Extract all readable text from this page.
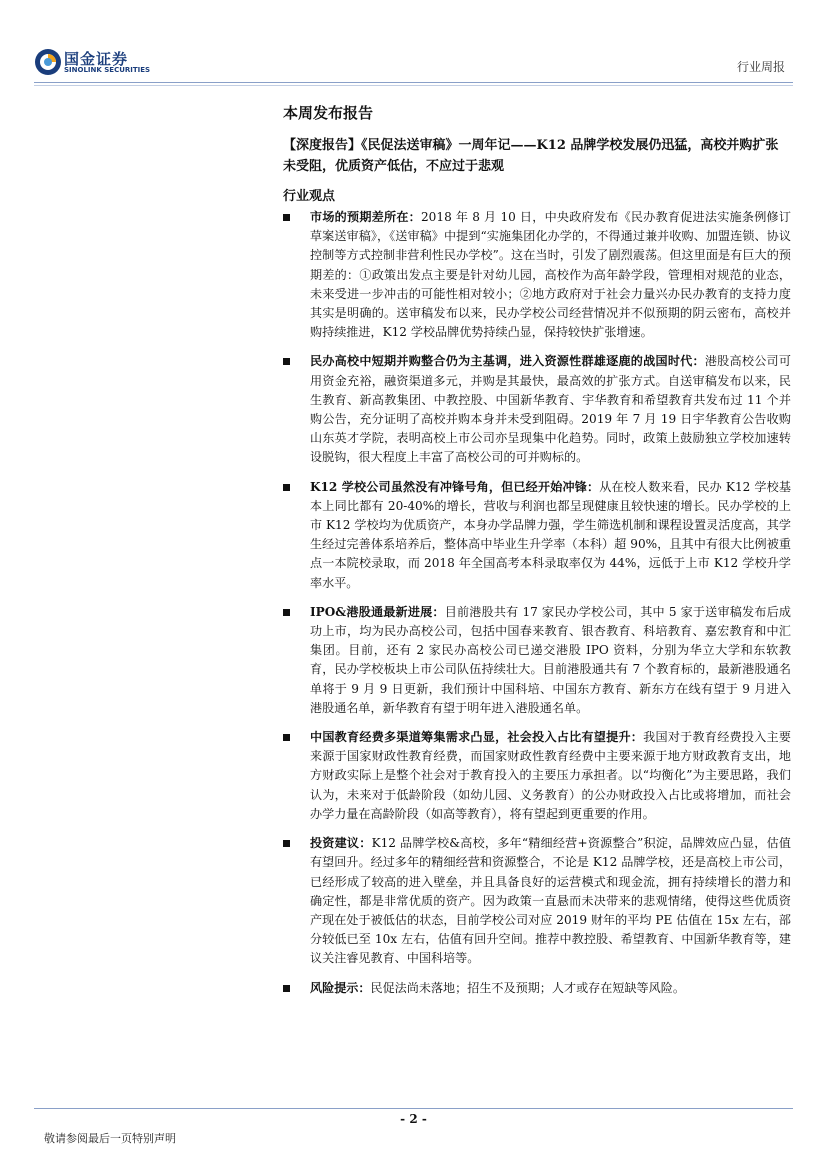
国金证券
SINOLINK SECURITIES	行业周报
本周发布报告
【深度报告】《民促法送审稿》一周年记——K12 品牌学校发展仍迅猛，高校并购扩张未受阻，优质资产低估，不应过于悲观
行业观点
市场的预期差所在：2018 年 8 月 10 日，中央政府发布《民办教育促进法实施条例修订草案送审稿》，《送审稿》中提到“实施集团化办学的，不得通过兼并收购、加盟连锁、协议控制等方式控制非营利性民办学校”。这在当时，引发了剧烈震荡。但这里面是有巨大的预期差的：①政策出发点主要是针对幼儿园，高校作为高年龄学段，管理相对规范的业态，未来受进一步冲击的可能性相对较小；②地方政府对于社会力量兴办民办教育的支持力度其实是明确的。送审稿发布以来，民办学校公司经营情况并不似预期的阴云密布，高校并购持续推进，K12 学校品牌优势持续凸显，保持较快扩张增速。
民办高校中短期并购整合仍为主基调，进入资源性群雄逐鹿的战国时代：港股高校公司可用资金充裕，融资渠道多元，并购是其最快，最高效的扩张方式。自送审稿发布以来，民生教育、新高教集团、中教控股、中国新华教育、宇华教育和希望教育共发布过 11 个并购公告，充分证明了高校并购本身并未受到阻碍。2019 年 7 月 19 日宇华教育公告收购山东英才学院，表明高校上市公司亦呈现集中化趋势。同时，政策上鼓励独立学校加速转设脱钩，很大程度上丰富了高校公司的可并购标的。
K12 学校公司虽然没有冲锋号角，但已经开始冲锋：从在校人数来看，民办 K12 学校基本上同比都有 20-40%的增长，营收与利润也都呈现健康且较快速的增长。民办学校的上市 K12 学校均为优质资产，本身办学品牌力强，学生筛选机制和课程设置灵活度高，其学生经过完善体系培养后，整体高中毕业生升学率（本科）超 90%，且其中有很大比例被重点一本院校录取，而 2018 年全国高考本科录取率仅为 44%，远低于上市 K12 学校升学率水平。
IPO&港股通最新进展：目前港股共有 17 家民办学校公司，其中 5 家于送审稿发布后成功上市，均为民办高校公司，包括中国春来教育、银杏教育、科培教育、嘉宏教育和中汇集团。目前，还有 2 家民办高校公司已递交港股 IPO 资料，分别为华立大学和东软教育，民办学校板块上市公司队伍持续壮大。目前港股通共有 7 个教育标的，最新港股通名单将于 9 月 9 日更新，我们预计中国科培、中国东方教育、新东方在线有望于 9 月进入港股通名单，新华教育有望于明年进入港股通名单。
中国教育经费多渠道筹集需求凸显，社会投入占比有望提升：我国对于教育经费投入主要来源于国家财政性教育经费，而国家财政性教育经费中主要来源于地方财政教育支出，地方财政实际上是整个社会对于教育投入的主要压力承担者。以“均衡化”为主要思路，我们认为，未来对于低龄阶段（如幼儿园、义务教育）的公办财政投入占比或将增加，而社会办学力量在高龄阶段（如高等教育），将有望起到更重要的作用。
投资建议：K12 品牌学校&高校，多年“精细经营+资源整合”积淀，品牌效应凸显，估值有望回升。经过多年的精细经营和资源整合，不论是 K12 品牌学校，还是高校上市公司，已经形成了较高的进入壁垒，并且具备良好的运营模式和现金流，拥有持续增长的潜力和确定性，都是非常优质的资产。因为政策一直悬而未决带来的悲观情绪，使得这些优质资产现在处于被低估的状态，目前学校公司对应 2019 财年的平均 PE 估值在 15x 左右，部分较低已至 10x 左右，估值有回升空间。推荐中教控股、希望教育、中国新华教育等，建议关注睿见教育、中国科培等。
风险提示：民促法尚未落地；招生不及预期；人才或存在短缺等风险。
- 2 -
敬请参阅最后一页特别声明
